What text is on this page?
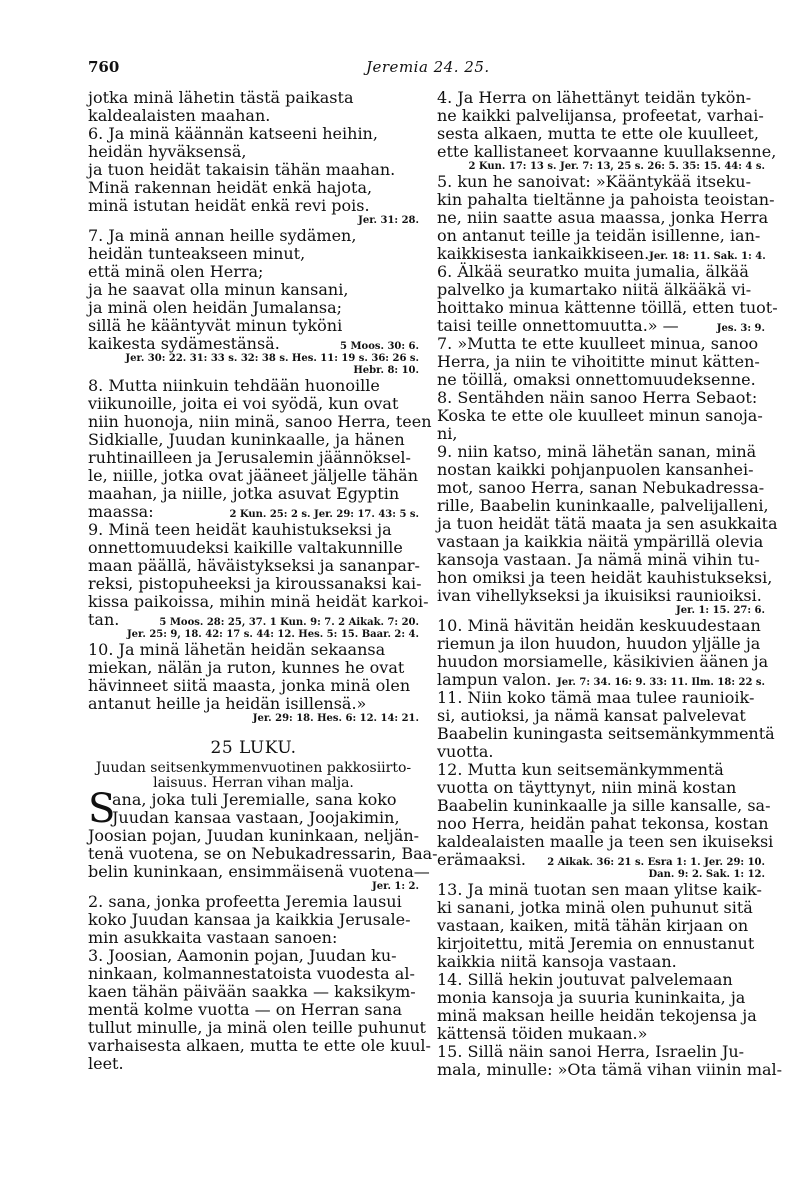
760	Jeremia 24. 25.
jotka minä lähetin tästä paikasta
kaldealaisten maahan.
6. Ja minä käännän katseeni heihin,
heidän hyväksensä,
ja tuon heidät takaisin tähän maahan.
Minä rakennan heidät enkä hajota,
minä istutan heidät enkä revi pois.
Jer. 31: 28.
7. Ja minä annan heille sydämen,
heidän tunteakseen minut,
että minä olen Herra;
ja he saavat olla minun kansani,
ja minä olen heidän Jumalansa;
sillä he kääntyvät minun tyköni
kaikesta sydämestänsä.	5 Moos. 30: 6.
Jer. 30: 22. 31: 33 s. 32: 38 s. Hes. 11: 19 s. 36: 26 s.
Hebr. 8: 10.
8. Mutta niinkuin tehdään huonoille
viikunoille, joita ei voi syödä, kun ovat
niin huonoja, niin minä, sanoo Herra, teen
Sidkialle, Juudan kuninkaalle, ja hänen
ruhtinailleen ja Jerusalemin jäännöksel-
le, niille, jotka ovat jääneet jäljelle tähän
maahan, ja niille, jotka asuvat Egyptin
maassa:	2 Kun. 25: 2 s. Jer. 29: 17. 43: 5 s.
9. Minä teen heidät kauhistukseksi ja
onnettomuudeksi kaikille valtakunnille
maan päällä, häväistykseksi ja sananpar-
reksi, pistopuheeksi ja kiroussanaksi kai-
kissa paikoissa, mihin minä heidät karkoi-
tan.	5 Moos. 28: 25, 37. 1 Kun. 9: 7. 2 Aikak. 7: 20.
Jer. 25: 9, 18. 42: 17 s. 44: 12. Hes. 5: 15. Baar. 2: 4.
10. Ja minä lähetän heidän sekaansa
miekan, nälän ja ruton, kunnes he ovat
hävinneet siitä maasta, jonka minä olen
antanut heille ja heidän isillensä.»
Jer. 29: 18. Hes. 6: 12. 14: 21.
25 LUKU.
Juudan seitsenkymmenvuotinen pakkosiirto-
laisuus. Herran vihan malja.
S
ana, joka tuli Jeremialle, sana koko
Juudan kansaa vastaan, Joojakimin,
Joosian pojan, Juudan kuninkaan, neljän-
tenä vuotena, se on Nebukadressarin, Baa-
belin kuninkaan, ensimmäisenä vuotena—
Jer. 1: 2.
2. sana, jonka profeetta Jeremia lausui
koko Juudan kansaa ja kaikkia Jerusale-
min asukkaita vastaan sanoen:
3. Joosian, Aamonin pojan, Juudan ku-
ninkaan, kolmannestatoista vuodesta al-
kaen tähän päivään saakka — kaksikym-
mentä kolme vuotta — on Herran sana
tullut minulle, ja minä olen teille puhunut
varhaisesta alkaen, mutta te ette ole kuul-
leet.
4. Ja Herra on lähettänyt teidän tykön-
ne kaikki palvelijansa, profeetat, varhai-
sesta alkaen, mutta te ette ole kuulleet,
ette kallistaneet korvaanne kuullaksenne,
2 Kun. 17: 13 s. Jer. 7: 13, 25 s. 26: 5. 35: 15. 44: 4 s.
5. kun he sanoivat: »Kääntykää itseku-
kin pahalta tieltänne ja pahoista teoistan-
ne, niin saatte asua maassa, jonka Herra
on antanut teille ja teidän isillenne, ian-
kaikkisesta iankaikkiseen. Jer. 18: 11. Sak. 1: 4.
6. Älkää seuratko muita jumalia, älkää
palvelko ja kumartako niitä älkääkä vi-
hoittako minua kättenne töillä, etten tuot-
taisi teille onnettomuutta.» —	Jes. 3: 9.
7. »Mutta te ette kuulleet minua, sanoo
Herra, ja niin te vihoititte minut kätten-
ne töillä, omaksi onnettomuudeksenne.
8. Sentähden näin sanoo Herra Sebaot:
Koska te ette ole kuulleet minun sanoja-
ni,
9. niin katso, minä lähetän sanan, minä
nostan kaikki pohjanpuolen kansanhei-
mot, sanoo Herra, sanan Nebukadressa-
rille, Baabelin kuninkaalle, palvelijalleni,
ja tuon heidät tätä maata ja sen asukkaita
vastaan ja kaikkia näitä ympärillä olevia
kansoja vastaan. Ja nämä minä vihin tu-
hon omiksi ja teen heidät kauhistukseksi,
ivan vihellykseksi ja ikuisiksi raunioiksi.
Jer. 1: 15. 27: 6.
10. Minä hävitän heidän keskuudestaan
riemun ja ilon huudon, huudon yljälle ja
huudon morsiamelle, käsikivien äänen ja
lampun valon. Jer. 7: 34. 16: 9. 33: 11. Ilm. 18: 22 s.
11. Niin koko tämä maa tulee raunioik-
si, autioksi, ja nämä kansat palvelevat
Baabelin kuningasta seitsemänkymmentä
vuotta.
12. Mutta kun seitsemänkymmentä
vuotta on täyttynyt, niin minä kostan
Baabelin kuninkaalle ja sille kansalle, sa-
noo Herra, heidän pahat tekonsa, kostan
kaldealaisten maalle ja teen sen ikuiseksi
erämaaksi. 2 Aikak. 36: 21 s. Esra 1: 1. Jer. 29: 10.
Dan. 9: 2. Sak. 1: 12.
13. Ja minä tuotan sen maan ylitse kaik-
ki sanani, jotka minä olen puhunut sitä
vastaan, kaiken, mitä tähän kirjaan on
kirjoitettu, mitä Jeremia on ennustanut
kaikkia niitä kansoja vastaan.
14. Sillä hekin joutuvat palvelemaan
monia kansoja ja suuria kuninkaita, ja
minä maksan heille heidän tekojensa ja
kättensä töiden mukaan.»
15. Sillä näin sanoi Herra, Israelin Ju-
mala, minulle: »Ota tämä vihan viinin mal-
